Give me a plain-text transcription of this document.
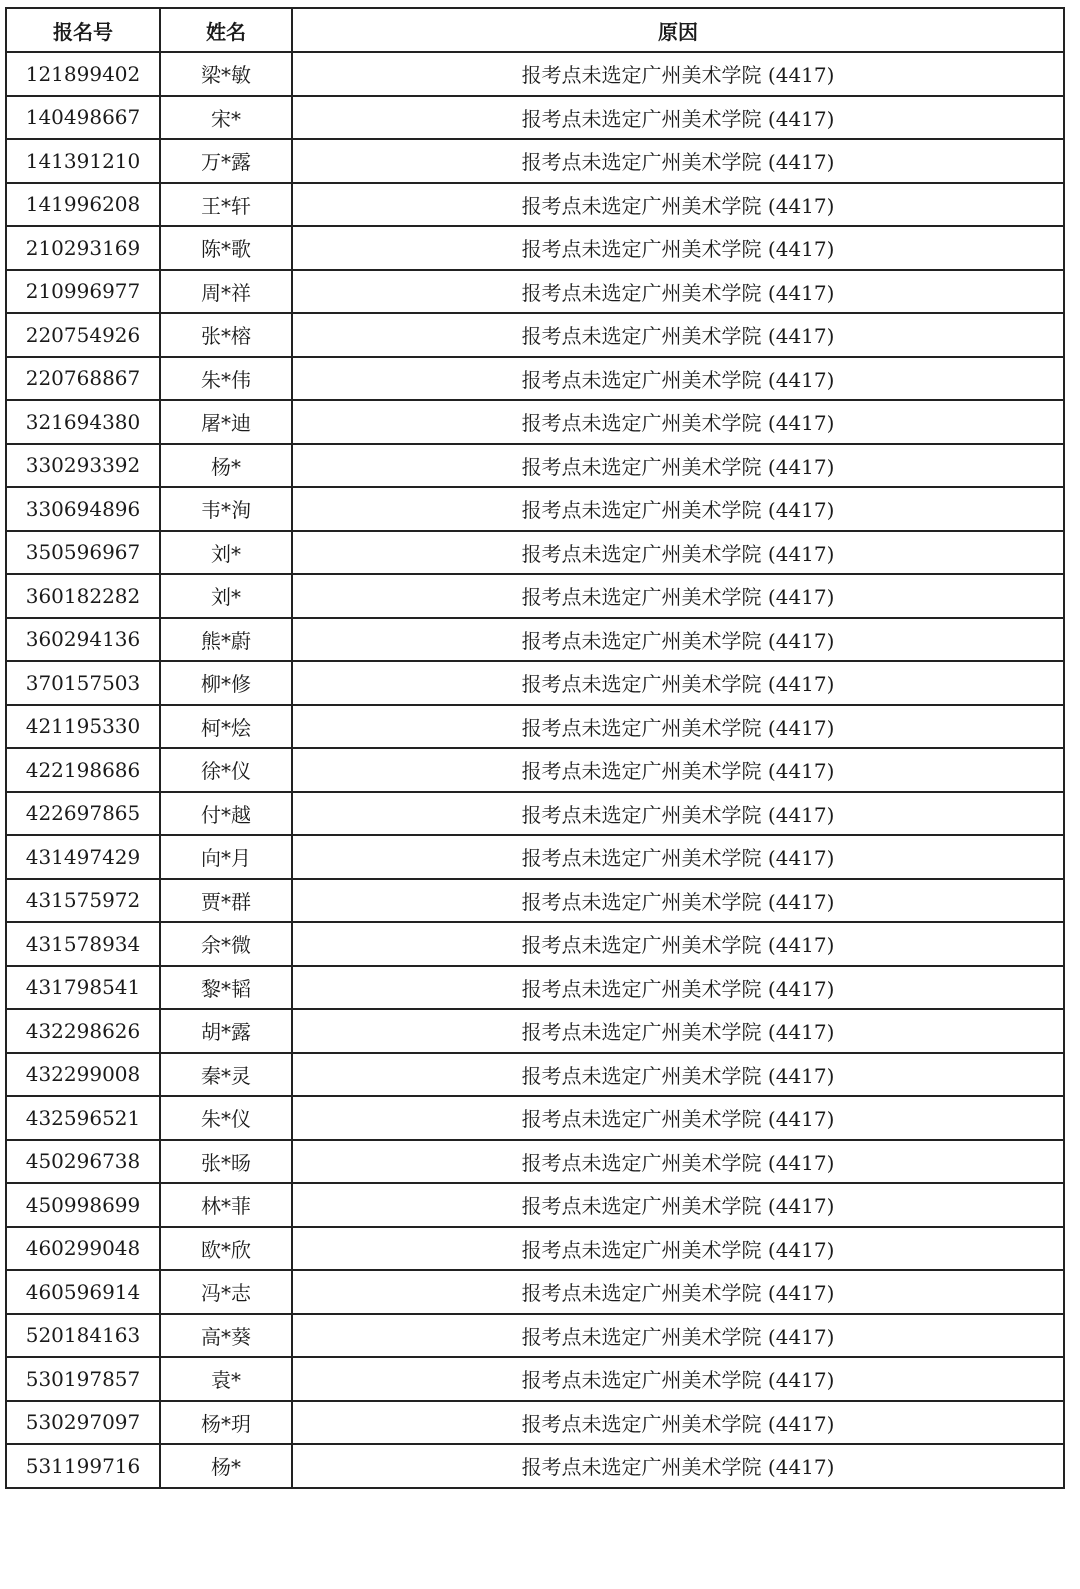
报名号	姓名	原因
121899402	梁*敏	报考点未选定广州美术学院 (4417)
140498667	宋*	报考点未选定广州美术学院 (4417)
141391210	万*露	报考点未选定广州美术学院 (4417)
141996208	王*轩	报考点未选定广州美术学院 (4417)
210293169	陈*歌	报考点未选定广州美术学院 (4417)
210996977	周*祥	报考点未选定广州美术学院 (4417)
220754926	张*榕	报考点未选定广州美术学院 (4417)
220768867	朱*伟	报考点未选定广州美术学院 (4417)
321694380	屠*迪	报考点未选定广州美术学院 (4417)
330293392	杨*	报考点未选定广州美术学院 (4417)
330694896	韦*洵	报考点未选定广州美术学院 (4417)
350596967	刘*	报考点未选定广州美术学院 (4417)
360182282	刘*	报考点未选定广州美术学院 (4417)
360294136	熊*蔚	报考点未选定广州美术学院 (4417)
370157503	柳*修	报考点未选定广州美术学院 (4417)
421195330	柯*烩	报考点未选定广州美术学院 (4417)
422198686	徐*仪	报考点未选定广州美术学院 (4417)
422697865	付*越	报考点未选定广州美术学院 (4417)
431497429	向*月	报考点未选定广州美术学院 (4417)
431575972	贾*群	报考点未选定广州美术学院 (4417)
431578934	余*微	报考点未选定广州美术学院 (4417)
431798541	黎*韬	报考点未选定广州美术学院 (4417)
432298626	胡*露	报考点未选定广州美术学院 (4417)
432299008	秦*灵	报考点未选定广州美术学院 (4417)
432596521	朱*仪	报考点未选定广州美术学院 (4417)
450296738	张*旸	报考点未选定广州美术学院 (4417)
450998699	林*菲	报考点未选定广州美术学院 (4417)
460299048	欧*欣	报考点未选定广州美术学院 (4417)
460596914	冯*志	报考点未选定广州美术学院 (4417)
520184163	高*葵	报考点未选定广州美术学院 (4417)
530197857	袁*	报考点未选定广州美术学院 (4417)
530297097	杨*玥	报考点未选定广州美术学院 (4417)
531199716	杨*	报考点未选定广州美术学院 (4417)
